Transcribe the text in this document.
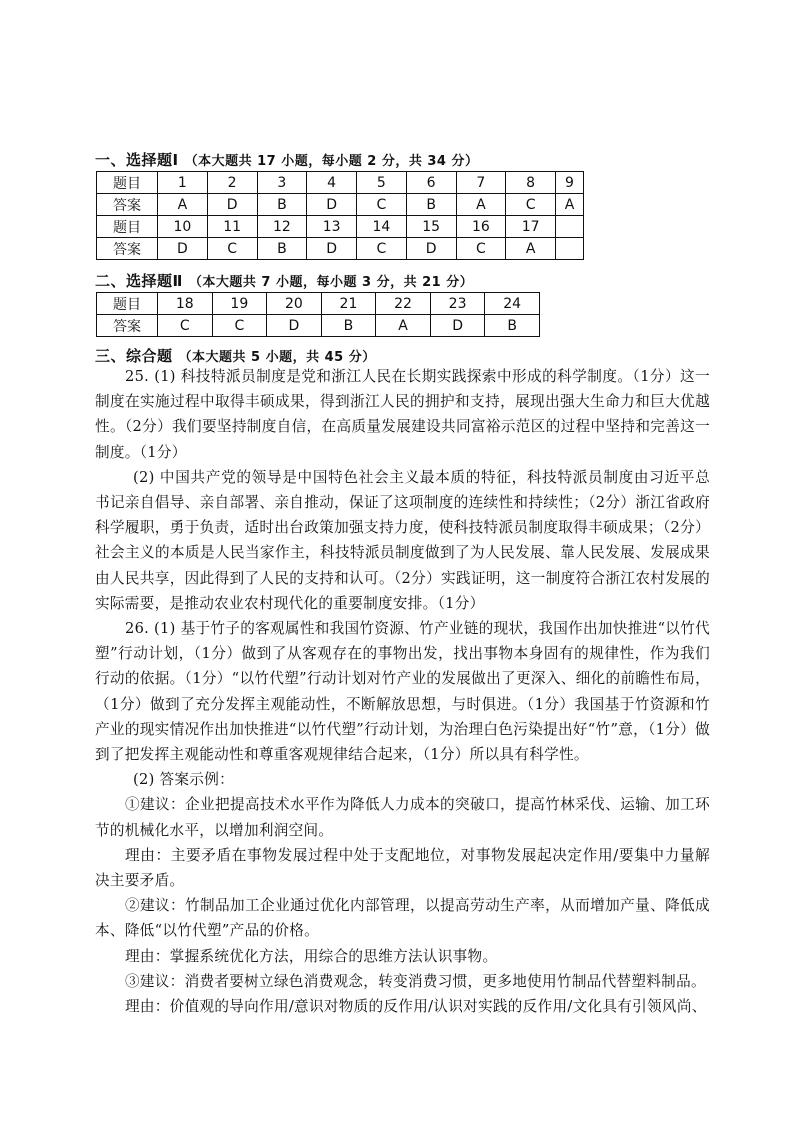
一、选择题Ⅰ （本大题共 17 小题，每小题 2 分，共 34 分）
题目	1	2	3	4	5	6	7	8	9
答案	A	D	B	D	C	B	A	C	A
题目	10	11	12	13	14	15	16	17	
答案	D	C	B	D	C	D	C	A	
二、选择题Ⅱ （本大题共 7 小题，每小题 3 分，共 21 分）
题目	18	19	20	21	22	23	24
答案	C	C	D	B	A	D	B
三、综合题 （本大题共 5 小题，共 45 分）

25. (1) 科技特派员制度是党和浙江人民在长期实践探索中形成的科学制度。（1分）这一制度在实施过程中取得丰硕成果，得到浙江人民的拥护和支持，展现出强大生命力和巨大优越性。（2分）我们要坚持制度自信，在高质量发展建设共同富裕示范区的过程中坚持和完善这一制度。（1分）

(2) 中国共产党的领导是中国特色社会主义最本质的特征，科技特派员制度由习近平总书记亲自倡导、亲自部署、亲自推动，保证了这项制度的连续性和持续性；（2分）浙江省政府科学履职，勇于负责，适时出台政策加强支持力度，使科技特派员制度取得丰硕成果；（2分）社会主义的本质是人民当家作主，科技特派员制度做到了为人民发展、靠人民发展、发展成果由人民共享，因此得到了人民的支持和认可。（2分）实践证明，这一制度符合浙江农村发展的实际需要，是推动农业农村现代化的重要制度安排。（1分）

26. (1) 基于竹子的客观属性和我国竹资源、竹产业链的现状，我国作出加快推进“以竹代塑”行动计划，（1分）做到了从客观存在的事物出发，找出事物本身固有的规律性，作为我们行动的依据。（1分）“以竹代塑”行动计划对竹产业的发展做出了更深入、细化的前瞻性布局，（1分）做到了充分发挥主观能动性，不断解放思想，与时俱进。（1分）我国基于竹资源和竹产业的现实情况作出加快推进“以竹代塑”行动计划，为治理白色污染提出好“竹”意，（1分）做到了把发挥主观能动性和尊重客观规律结合起来，（1分）所以具有科学性。

(2) 答案示例：

①建议：企业把提高技术水平作为降低人力成本的突破口，提高竹林采伐、运输、加工环节的机械化水平，以增加利润空间。

理由：主要矛盾在事物发展过程中处于支配地位，对事物发展起决定作用/要集中力量解决主要矛盾。

②建议：竹制品加工企业通过优化内部管理，以提高劳动生产率，从而增加产量、降低成本、降低“以竹代塑”产品的价格。

理由：掌握系统优化方法，用综合的思维方法认识事物。

③建议：消费者要树立绿色消费观念，转变消费习惯，更多地使用竹制品代替塑料制品。

理由：价值观的导向作用/意识对物质的反作用/认识对实践的反作用/文化具有引领风尚、
